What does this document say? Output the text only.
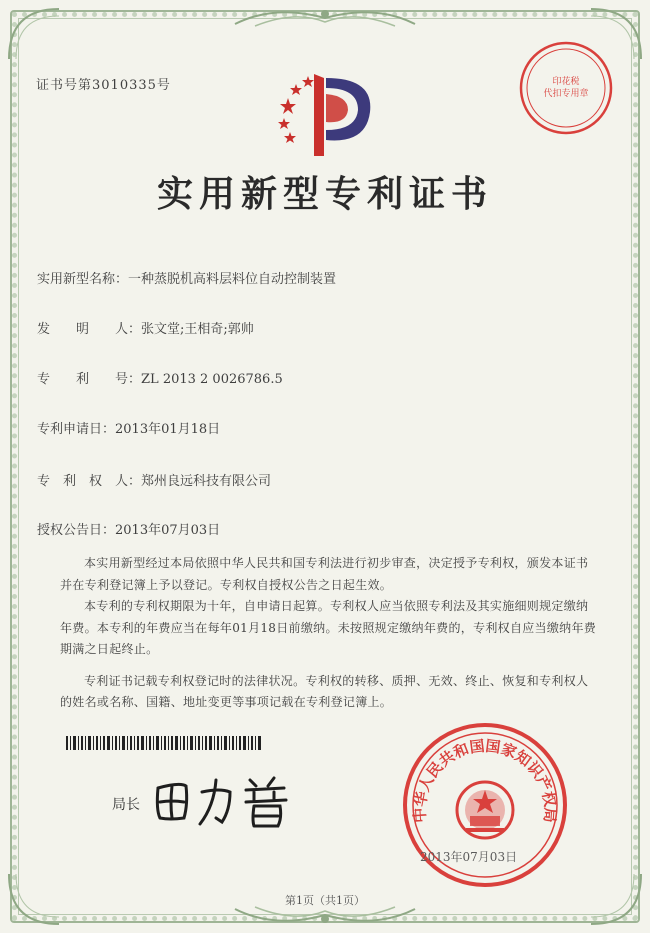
证书号第3010335号	印花税
代扣专用章
实用新型专利证书
实用新型名称：一种蒸脱机高料层料位自动控制装置
发　　明　　人：张文堂;王相奇;郭帅
专　　利　　号：ZL 2013 2 0026786.5
专利申请日：2013年01月18日
专　利　权　人：郑州良远科技有限公司
授权公告日：2013年07月03日

本实用新型经过本局依照中华人民共和国专利法进行初步审查，决定授予专利权，颁发本证书并在专利登记簿上予以登记。专利权自授权公告之日起生效。

本专利的专利权期限为十年，自申请日起算。专利权人应当依照专利法及其实施细则规定缴纳年费。本专利的年费应当在每年01月18日前缴纳。未按照规定缴纳年费的，专利权自应当缴纳年费期满之日起终止。

专利证书记载专利权登记时的法律状况。专利权的转移、质押、无效、终止、恢复和专利权人的姓名或名称、国籍、地址变更等事项记载在专利登记簿上。

局长
中华人民共和国国家知识产权局
2013年07月03日
第1页（共1页）
